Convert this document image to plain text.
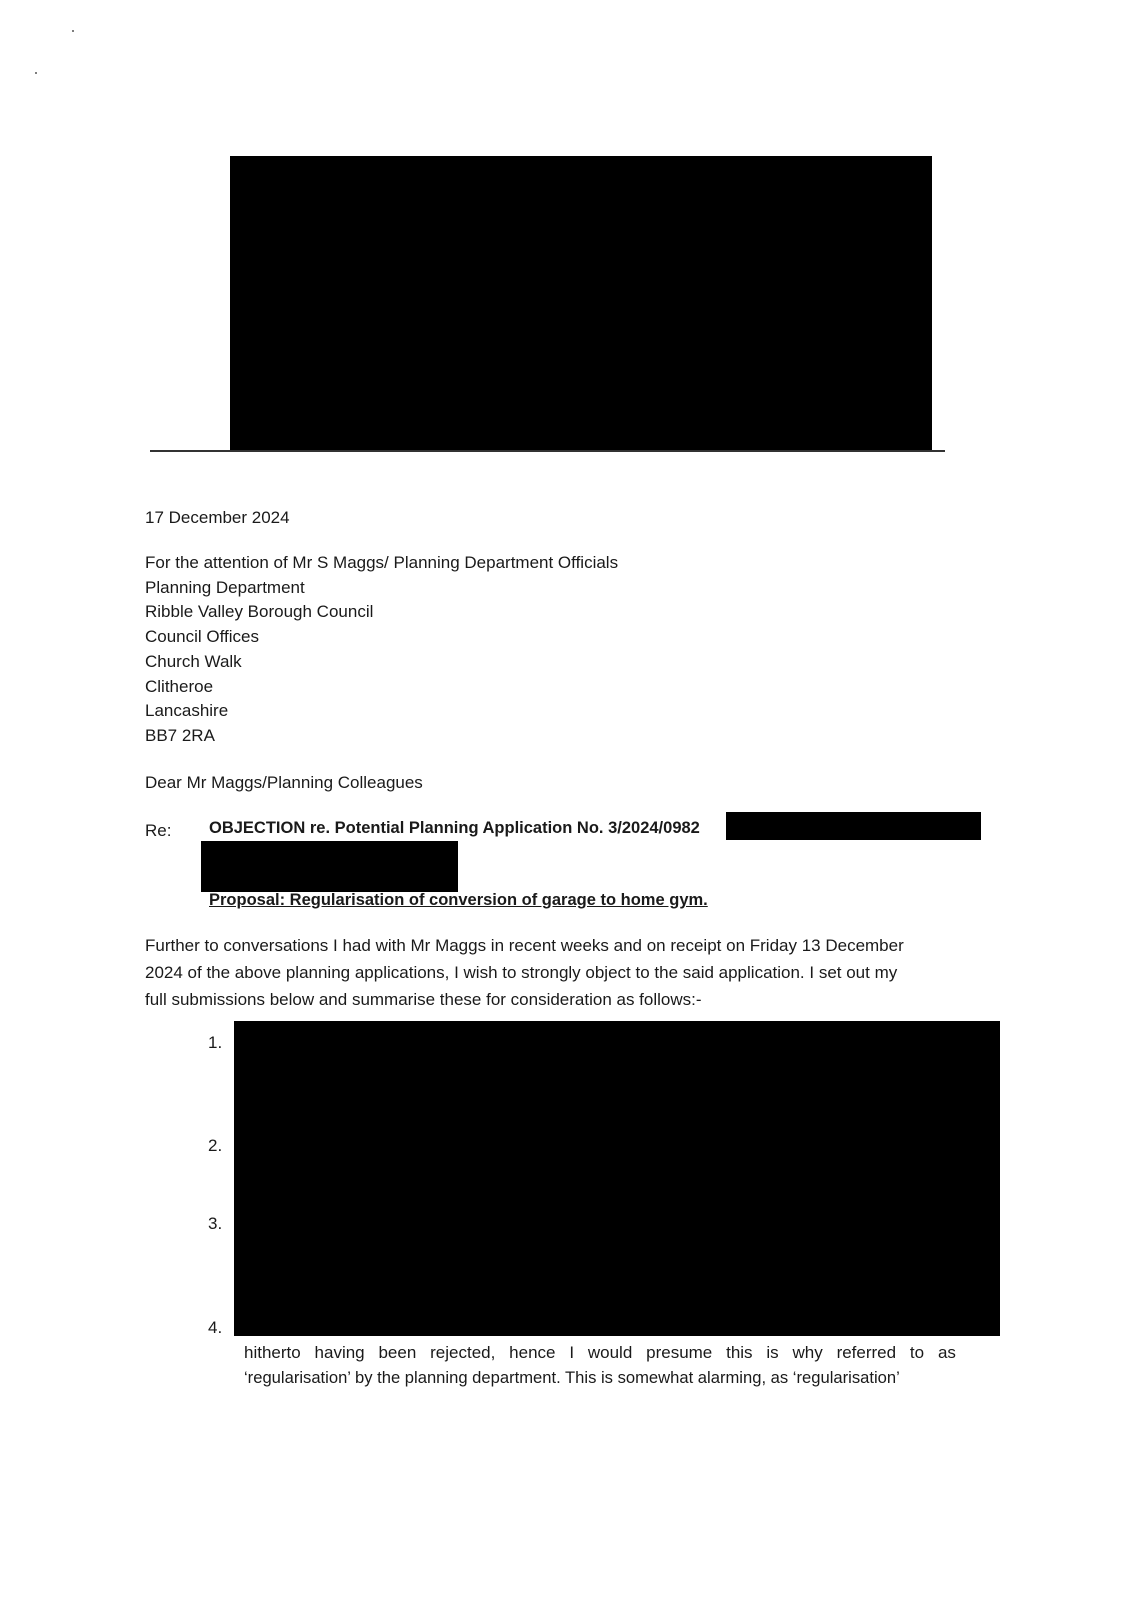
17 December 2024
For the attention of Mr S Maggs/ Planning Department Officials
Planning Department
Ribble Valley Borough Council
Council Offices
Church Walk
Clitheroe
Lancashire
BB7 2RA
Dear Mr Maggs/Planning Colleagues
Re: OBJECTION re. Potential Planning Application No. 3/2024/0982
Proposal: Regularisation of conversion of garage to home gym.
Further to conversations I had with Mr Maggs in recent weeks and on receipt on Friday 13 December
2024 of the above planning applications, I wish to strongly object to the said application. I set out my
full submissions below and summarise these for consideration as follows:-
1.
2.
3.
4.
hitherto having been rejected, hence I would presume this is why referred to as
‘regularisation’ by the planning department. This is somewhat alarming, as ‘regularisation’
